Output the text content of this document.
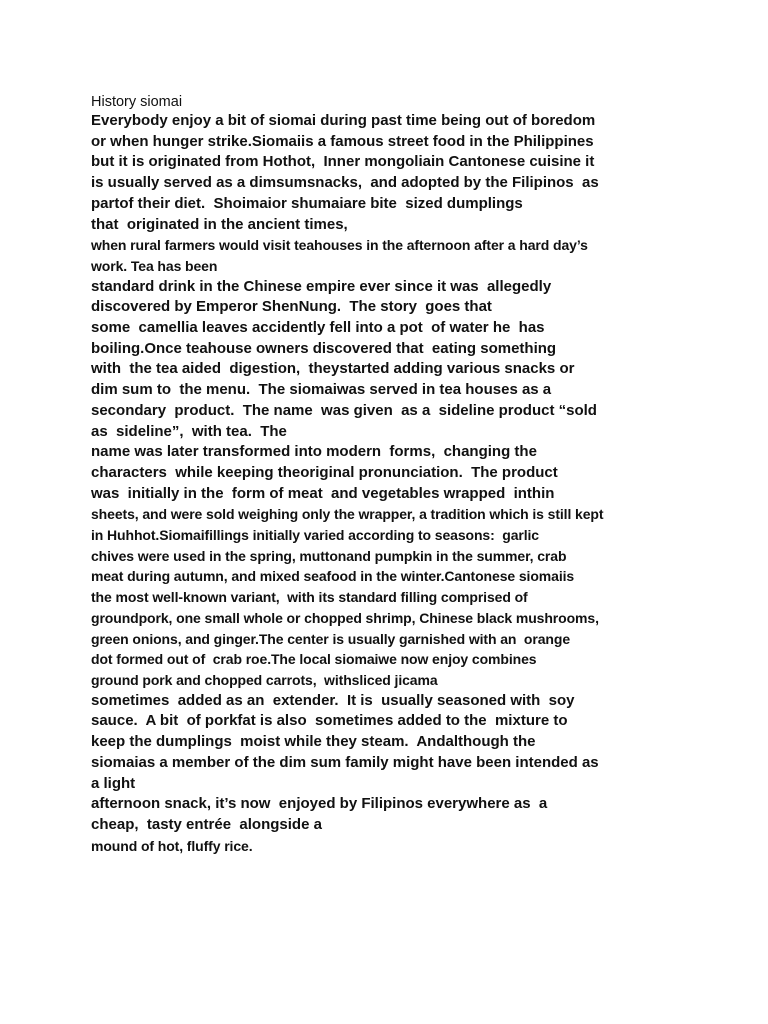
History siomai
Everybody enjoy a bit of siomai during past time being out of boredom
or when hunger strike.Siomaiis a famous street food in the Philippines
but it is originated from Hothot,  Inner mongoliain Cantonese cuisine it
is usually served as a dimsumsnacks,  and adopted by the Filipinos  as
partof their diet.  Shoimaior shumaiare bite  sized dumplings
that  originated in the ancient times,
when rural farmers would visit teahouses in the afternoon after a hard day’s
work. Tea has been
standard drink in the Chinese empire ever since it was  allegedly
discovered by Emperor ShenNung.  The story  goes that
some  camellia leaves accidently fell into a pot  of water he  has
boiling.Once teahouse owners discovered that  eating something
with  the tea aided  digestion,  theystarted adding various snacks or
dim sum to  the menu.  The siomaiwas served in tea houses as a
secondary  product.  The name  was given  as a  sideline product “sold
as  sideline”,  with tea.  The
name was later transformed into modern  forms,  changing the
characters  while keeping theoriginal pronunciation.  The product
was  initially in the  form of meat  and vegetables wrapped  inthin
sheets, and were sold weighing only the wrapper, a tradition which is still kept
in Huhhot.Siomaifillings initially varied according to seasons:  garlic
chives were used in the spring, muttonand pumpkin in the summer, crab
meat during autumn, and mixed seafood in the winter.Cantonese siomaiis
the most well-known variant,  with its standard filling comprised of
groundpork, one small whole or chopped shrimp, Chinese black mushrooms,
green onions, and ginger.The center is usually garnished with an  orange
dot formed out of  crab roe.The local siomaiwe now enjoy combines
ground pork and chopped carrots,  withsliced jicama
sometimes  added as an  extender.  It is  usually seasoned with  soy
sauce.  A bit  of porkfat is also  sometimes added to the  mixture to
keep the dumplings  moist while they steam.  Andalthough the
siomaias a member of the dim sum family might have been intended as
a light
afternoon snack, it’s now  enjoyed by Filipinos everywhere as  a
cheap,  tasty entrée  alongside a
mound of hot, fluffy rice.
